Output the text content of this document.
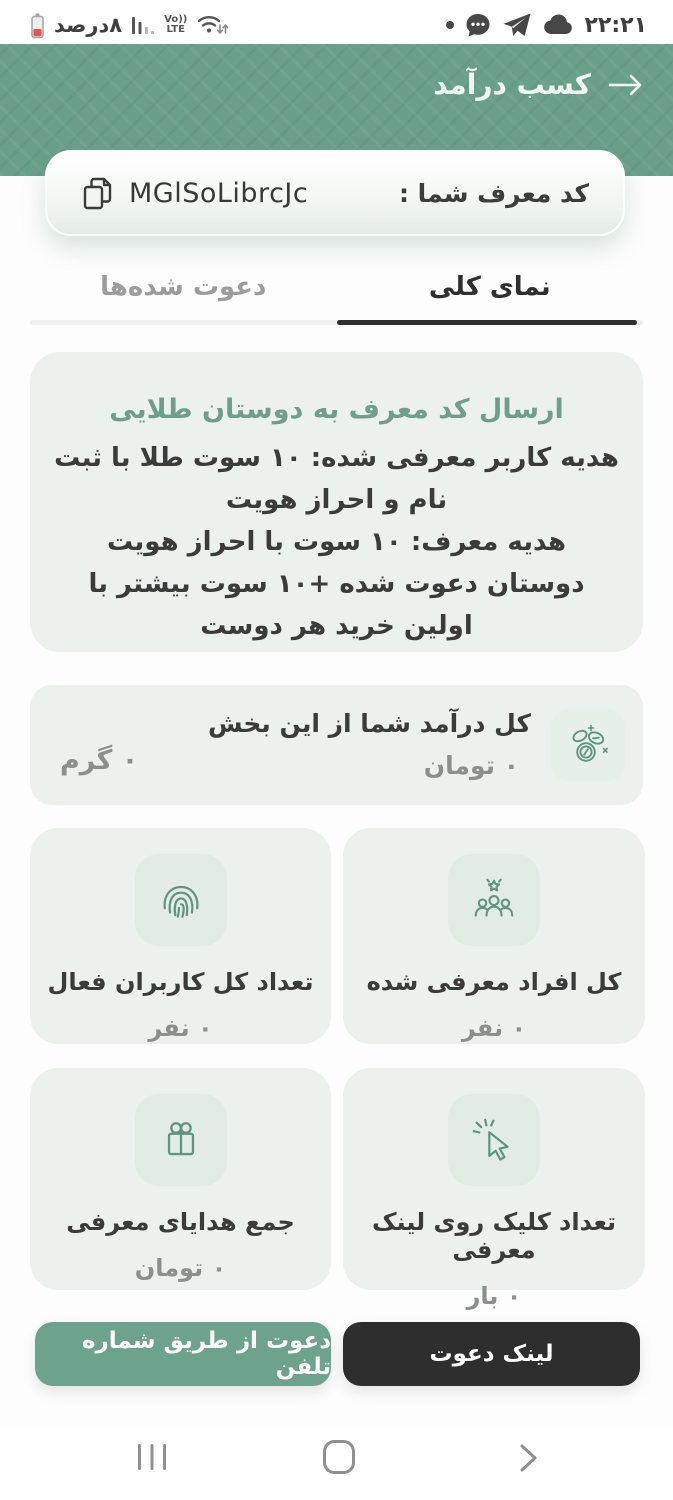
۸درصد	Vo))
LTE	۲۲:۲۱
کسب درآمد
کد معرف شما :
MGlSoLibrcJc
نمای کلی
دعوت شده‌ها
ارسال کد معرف به دوستان طلایی

هدیه کاربر معرفی شده: ۱۰ سوت طلا با ثبت نام و احراز هویت

هدیه معرف: ۱۰ سوت با احراز هویت دوستان دعوت شده +۱۰ سوت بیشتر با اولین خرید هر دوست

کل درآمد شما از این بخش
۰ تومان
۰ گرم
کل افراد معرفی شده
۰ نفر
تعداد کل کاربران فعال
۰ نفر
تعداد کلیک روی لینک معرفی
۰ بار
جمع هدایای معرفی
۰ تومان
لینک دعوت
دعوت از طریق شماره تلفن
